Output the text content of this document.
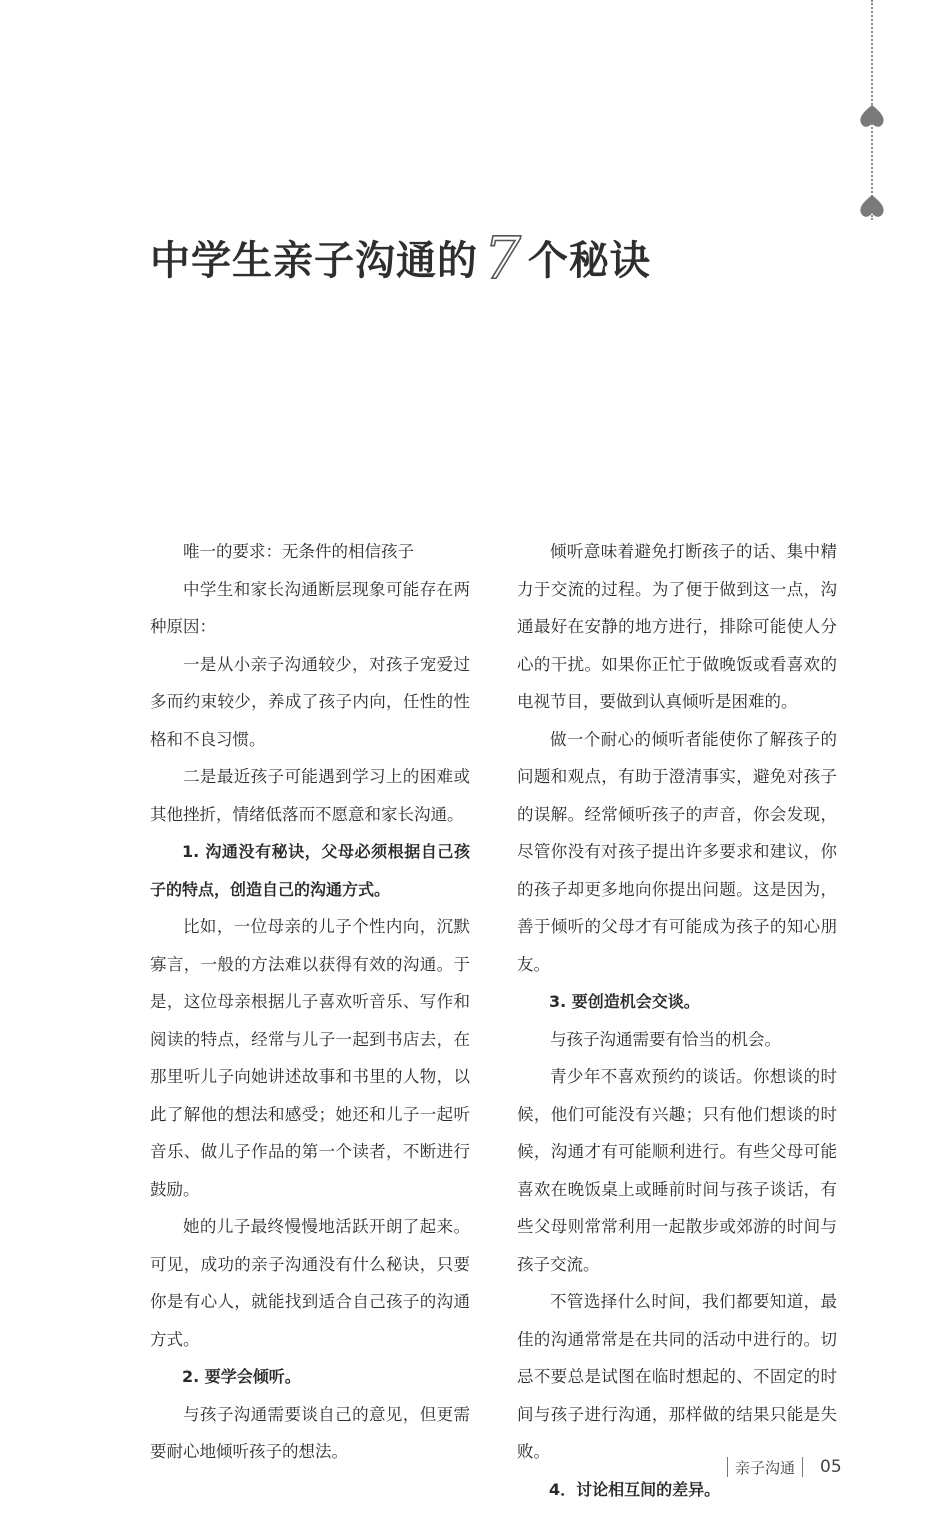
中学生亲子沟通的 7 个秘诀

唯一的要求：无条件的相信孩子

中学生和家长沟通断层现象可能存在两种原因：

一是从小亲子沟通较少，对孩子宠爱过多而约束较少，养成了孩子内向，任性的性格和不良习惯。

二是最近孩子可能遇到学习上的困难或其他挫折，情绪低落而不愿意和家长沟通。

1. 沟通没有秘诀，父母必须根据自己孩子的特点，创造自己的沟通方式。

比如，一位母亲的儿子个性内向，沉默寡言，一般的方法难以获得有效的沟通。于是，这位母亲根据儿子喜欢听音乐、写作和阅读的特点，经常与儿子一起到书店去，在那里听儿子向她讲述故事和书里的人物，以此了解他的想法和感受；她还和儿子一起听音乐、做儿子作品的第一个读者，不断进行鼓励。

她的儿子最终慢慢地活跃开朗了起来。可见，成功的亲子沟通没有什么秘诀，只要你是有心人，就能找到适合自己孩子的沟通方式。

2. 要学会倾听。

与孩子沟通需要谈自己的意见，但更需要耐心地倾听孩子的想法。

倾听意味着避免打断孩子的话、集中精力于交流的过程。为了便于做到这一点，沟通最好在安静的地方进行，排除可能使人分心的干扰。如果你正忙于做晚饭或看喜欢的电视节目，要做到认真倾听是困难的。

做一个耐心的倾听者能使你了解孩子的问题和观点，有助于澄清事实，避免对孩子的误解。经常倾听孩子的声音，你会发现，尽管你没有对孩子提出许多要求和建议，你的孩子却更多地向你提出问题。这是因为，善于倾听的父母才有可能成为孩子的知心朋友。

3. 要创造机会交谈。

与孩子沟通需要有恰当的机会。

青少年不喜欢预约的谈话。你想谈的时候，他们可能没有兴趣；只有他们想谈的时候，沟通才有可能顺利进行。有些父母可能喜欢在晚饭桌上或睡前时间与孩子谈话，有些父母则常常利用一起散步或郊游的时间与孩子交流。

不管选择什么时间，我们都要知道，最佳的沟通常常是在共同的活动中进行的。切忌不要总是试图在临时想起的、不固定的时间与孩子进行沟通，那样做的结果只能是失败。

4．讨论相互间的差异。

亲子沟通 05
